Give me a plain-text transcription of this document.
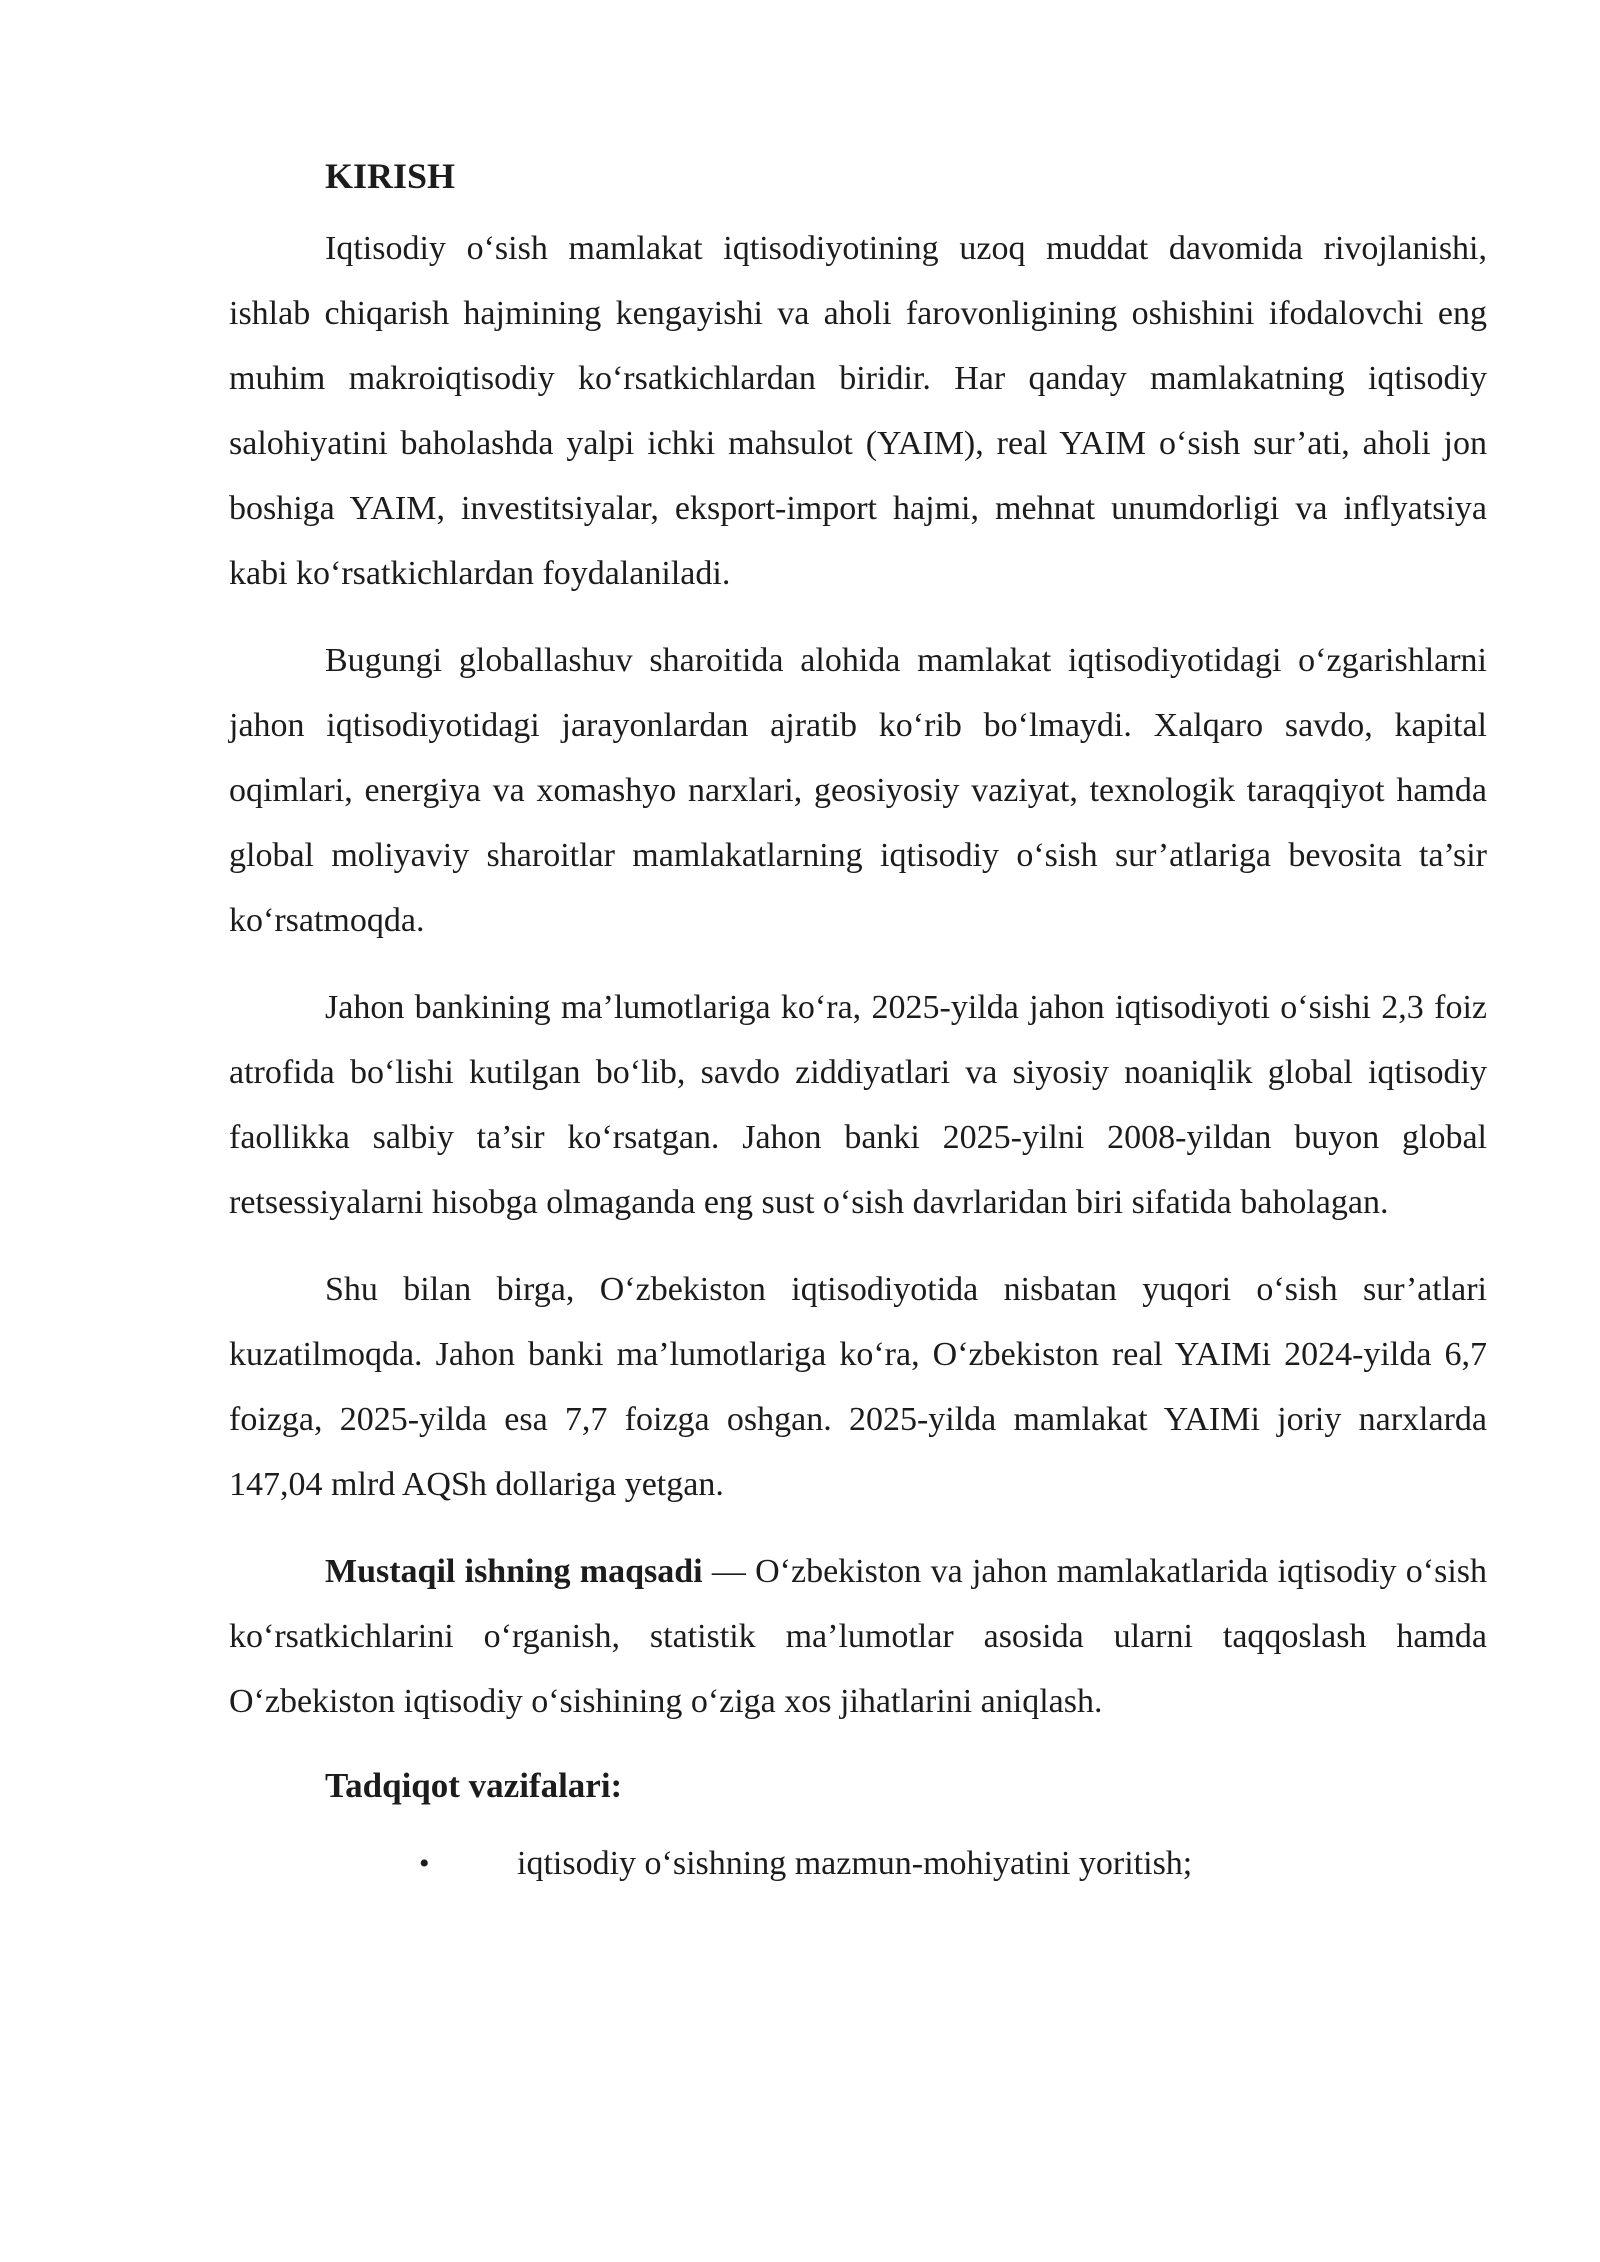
KIRISH

Iqtisodiy o‘sish mamlakat iqtisodiyotining uzoq muddat davomida rivojlanishi, ishlab chiqarish hajmining kengayishi va aholi farovonligining oshishini ifodalovchi eng muhim makroiqtisodiy ko‘rsatkichlardan biridir. Har qanday mamlakatning iqtisodiy salohiyatini baholashda yalpi ichki mahsulot (YAIM), real YAIM o‘sish sur’ati, aholi jon boshiga YAIM, investitsiyalar, eksport-import hajmi, mehnat unumdorligi va inflyatsiya kabi ko‘rsatkichlardan foydalaniladi.

Bugungi globallashuv sharoitida alohida mamlakat iqtisodiyotidagi o‘zgarishlarni jahon iqtisodiyotidagi jarayonlardan ajratib ko‘rib bo‘lmaydi. Xalqaro savdo, kapital oqimlari, energiya va xomashyo narxlari, geosiyosiy vaziyat, texnologik taraqqiyot hamda global moliyaviy sharoitlar mamlakatlarning iqtisodiy o‘sish sur’atlariga bevosita ta’sir ko‘rsatmoqda.

Jahon bankining ma’lumotlariga ko‘ra, 2025-yilda jahon iqtisodiyoti o‘sishi 2,3 foiz atrofida bo‘lishi kutilgan bo‘lib, savdo ziddiyatlari va siyosiy noaniqlik global iqtisodiy faollikka salbiy ta’sir ko‘rsatgan. Jahon banki 2025-yilni 2008-yildan buyon global retsessiyalarni hisobga olmaganda eng sust o‘sish davrlaridan biri sifatida baholagan.

Shu bilan birga, O‘zbekiston iqtisodiyotida nisbatan yuqori o‘sish sur’atlari kuzatilmoqda. Jahon banki ma’lumotlariga ko‘ra, O‘zbekiston real YAIMi 2024-yilda 6,7 foizga, 2025-yilda esa 7,7 foizga oshgan. 2025-yilda mamlakat YAIMi joriy narxlarda 147,04 mlrd AQSh dollariga yetgan.

Mustaqil ishning maqsadi — O‘zbekiston va jahon mamlakatlarida iqtisodiy o‘sish ko‘rsatkichlarini o‘rganish, statistik ma’lumotlar asosida ularni taqqoslash hamda O‘zbekiston iqtisodiy o‘sishining o‘ziga xos jihatlarini aniqlash.

Tadqiqot vazifalari:
•	iqtisodiy o‘sishning mazmun-mohiyatini yoritish;
